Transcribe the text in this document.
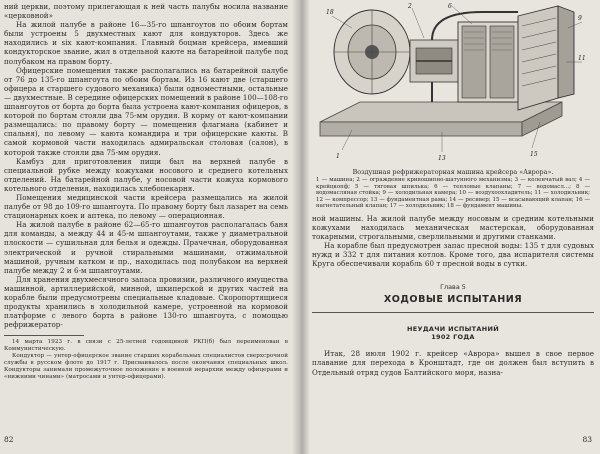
ний церкви, поэтому прилегающая к ней часть палубы носила название «церковной»

На жилой палубе в районе 16—35-го шпангоутов по обоим бортам были устроены 5 двухместных кают для кондукторов. Здесь же находились и six кают-компания. Главный боцман крейсера, имевший кондукторское звание, жил в отдельной каюте на батарейной палубе под полубаком на правом борту.

Офицерские помещения также располагались на батарейной палубе от 76 до 135-го шпангоута по обоим бортам. Из 16 кают две (старшего офицера и старшего судового механика) были одноместными, остальные — двухместные. В середине офицерских помещений в районе 100—108-го шпангоутов от борта до борта была устроена кают-компания офицеров, в которой по бортам стояли два 75-мм орудия. В корму от кают-компании размещались: по правому борту — помещения флагмана (кабинет и спальня), по левому — каюта командира и три офицерские каюты. В самой кормовой части находилась адмиральская столовая (салон), в которой также стояли два 75-мм орудия.

Камбуз для приготовления пищи был на верхней палубе в специальной рубке между кожухами носового и среднего котельных отделений. На батарейной палубе, у носовой части кожуха кормового котельного отделения, находилась хлебопекарня.

Помещения медицинской части крейсера размещались на жилой палубе от 98 до 109-го шпангоута. По правому борту был лазарет на семь стационарных коек и аптека, по левому — операционная.

На жилой палубе в районе 62—65-го шпангоутов располагалась баня для команды, а между 44 и 45-м шпангоутами, также у диаметральной плоскости — сушильная для белья и одежды. Прачечная, оборудованная электрической и ручной стиральными машинами, отжимальной машиной, ручным катком и пр., находилась под полубаком на верхней палубе между 2 и 6-м шпангоутами.

Для хранения двухмесячного запаса провизии, различного имущества машинной, артиллерийской, минной, шкиперской и других частей на корабле были предусмотрены специальные кладовые. Скоропортящиеся продукты хранились в холодильной камере, устроенной на кормовой платформе с левого борта в районе 130-го шпангоута, с помощью рефрижератор-

14 марта 1923 г. в связи с 25-летней годовщиной РКП(б) был переименован в Коммунистическую.

Кондуктор — унтер-офицерское звание старших корабельных специалистов сверхсрочной службы в русском флоте до 1917 г. Присваивалось после окончания специальных школ. Кондукторы занимали промежуточное положение в военной иерархии между офицерами и «нижними чинами» (матросами и унтер-офицерами).

82
18
2	6
9
11
1	13
15
Воздушная рефрижераторная машина крейсера «Аврора».
1 — машина; 2 — ограждение кривошипно-шатунного механизма; 3 — коленчатый вал; 4 — крейцкопф; 5 — тяговая шпилька; 6 — тепловые клапаны; 7 — водомасл...; 8 — водомасляная стойка; 9 — холодильная камера; 10 — воздухоохладитель; 11 — холодильник; 12 — компрессор; 13 — фундаментная рама; 14 — ресивер; 15 — всасывающий клапан; 16 — нагнетательный клапан; 17 — холодильник; 18 — фундамент машины.

ной машины. На жилой палубе между носовым и средним котельными кожухами находилась механическая мастерская, оборудованная токарными, строгальными, сверлильными и другими станками.

На корабле был предусмотрен запас пресной воды: 135 т для судовых нужд и 332 т для питания котлов. Кроме того, два испарителя системы Круга обеспечивали корабль 60 т пресной воды в сутки.

Глава 5
ХОДОВЫЕ ИСПЫТАНИЯ
НЕУДАЧИ ИСПЫТАНИЙ
1902 ГОДА

Итак, 28 июля 1902 г. крейсер «Аврора» вышел в свое первое плавание для перехода в Кронштадт, где он должен был вступить в Отдельный отряд судов Балтийского моря, назна-

83
